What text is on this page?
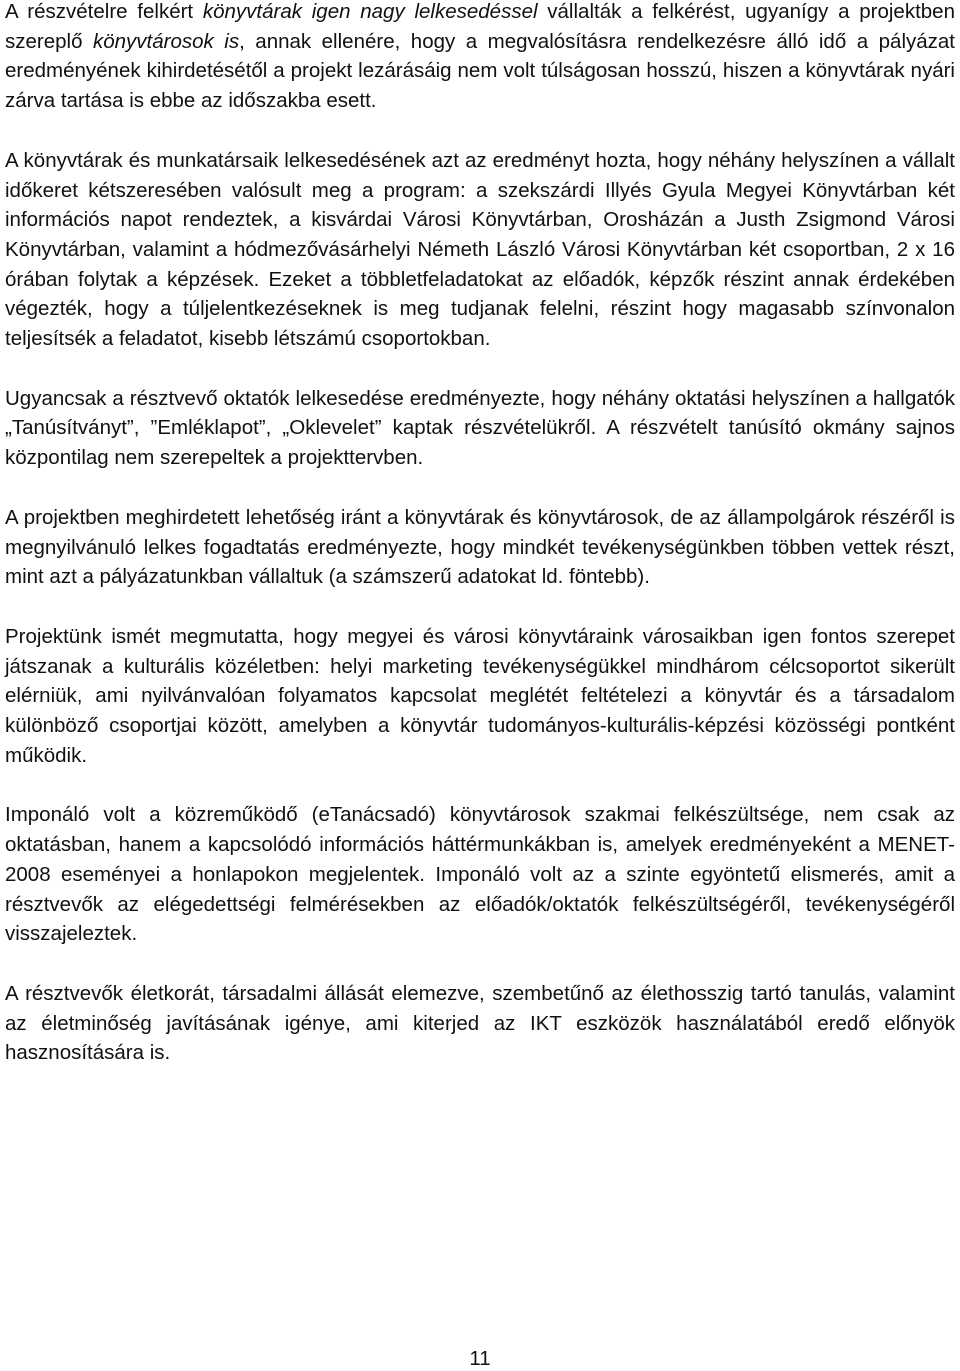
A részvételre felkért könyvtárak igen nagy lelkesedéssel vállalták a felkérést, ugyanígy a projektben szereplő könyvtárosok is, annak ellenére, hogy a megvalósításra rendelkezésre álló idő a pályázat eredményének kihirdetésétől a projekt lezárásáig nem volt túlságosan hosszú, hiszen a könyvtárak nyári zárva tartása is ebbe az időszakba esett.

A könyvtárak és munkatársaik lelkesedésének azt az eredményt hozta, hogy néhány helyszínen a vállalt időkeret kétszeresében valósult meg a program: a szekszárdi Illyés Gyula Megyei Könyvtárban két információs napot rendeztek, a kisvárdai Városi Könyvtárban, Orosházán a Justh Zsigmond Városi Könyvtárban, valamint a hódmezővásárhelyi Németh László Városi Könyvtárban két csoportban, 2 x 16 órában folytak a képzések. Ezeket a többletfeladatokat az előadók, képzők részint annak érdekében végezték, hogy a túljelentkezéseknek is meg tudjanak felelni, részint hogy magasabb színvonalon teljesítsék a feladatot, kisebb létszámú csoportokban.

Ugyancsak a résztvevő oktatók lelkesedése eredményezte, hogy néhány oktatási helyszínen a hallgatók „Tanúsítványt”, ”Emléklapot”, „Oklevelet” kaptak részvételükről. A részvételt tanúsító okmány sajnos központilag nem szerepeltek a projekttervben.

A projektben meghirdetett lehetőség iránt a könyvtárak és könyvtárosok, de az állampolgárok részéről is megnyilvánuló lelkes fogadtatás eredményezte, hogy mindkét tevékenységünkben többen vettek részt, mint azt a pályázatunkban vállaltuk (a számszerű adatokat ld. föntebb).

Projektünk ismét megmutatta, hogy megyei és városi könyvtáraink városaikban igen fontos szerepet játszanak a kulturális közéletben: helyi marketing tevékenységükkel mindhárom célcsoportot sikerült elérniük, ami nyilvánvalóan folyamatos kapcsolat meglétét feltételezi a könyvtár és a társadalom különböző csoportjai között, amelyben a könyvtár tudományos-kulturális-képzési közösségi pontként működik.

Imponáló volt a közreműködő (eTanácsadó) könyvtárosok szakmai felkészültsége, nem csak az oktatásban, hanem a kapcsolódó információs háttérmunkákban is, amelyek eredményeként a MENET-2008 eseményei a honlapokon megjelentek. Imponáló volt az a szinte egyöntetű elismerés, amit a résztvevők az elégedettségi felmérésekben az előadók/oktatók felkészültségéről, tevékenységéről visszajeleztek.

A résztvevők életkorát, társadalmi állását elemezve, szembetűnő az élethosszig tartó tanulás, valamint az életminőség javításának igénye, ami kiterjed az IKT eszközök használatából eredő előnyök hasznosítására is.

11
